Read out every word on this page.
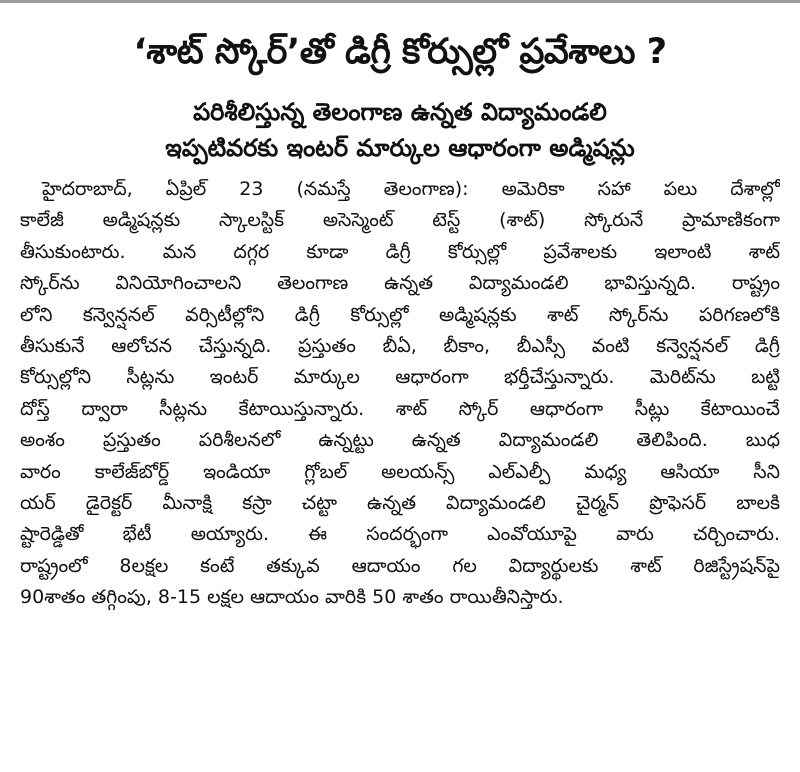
‘శాట్ స్కోర్’తో డిగ్రీ కోర్సుల్లో ప్రవేశాలు ?
పరిశీలిస్తున్న తెలంగాణ ఉన్నత విద్యామండలి
ఇప్పటివరకు ఇంటర్ మార్కుల ఆధారంగా అడ్మిషన్లు
హైదరాబాద్, ఏప్రిల్ 23 (నమస్తే తెలంగాణ): అమెరికా సహా పలు దేశాల్లో
కాలేజీ అడ్మిషన్లకు స్కాలస్టిక్ అసెస్మెంట్ టెస్ట్ (శాట్) స్కోరునే ప్రామాణికంగా
తీసుకుంటారు. మన దగ్గర కూడా డిగ్రీ కోర్సుల్లో ప్రవేశాలకు ఇలాంటి శాట్
స్కోర్‌ను వినియోగించాలని తెలంగాణ ఉన్నత విద్యామండలి భావిస్తున్నది. రాష్ట్రం
లోని కన్వెన్షనల్ వర్సిటీల్లోని డిగ్రీ కోర్సుల్లో అడ్మిషన్లకు శాట్ స్కోర్‌ను పరిగణలోకి
తీసుకునే ఆలోచన చేస్తున్నది. ప్రస్తుతం బీఏ, బీకాం, బీఎస్సీ వంటి కన్వెన్షనల్ డిగ్రీ
కోర్సుల్లోని సీట్లను ఇంటర్ మార్కుల ఆధారంగా భర్తీచేస్తున్నారు. మెరిట్‌ను బట్టి
దోస్త్ ద్వారా సీట్లను కేటాయిస్తున్నారు. శాట్ స్కోర్ ఆధారంగా సీట్లు కేటాయించే
అంశం ప్రస్తుతం పరిశీలనలో ఉన్నట్టు ఉన్నత విద్యామండలి తెలిపింది. బుధ
వారం కాలేజ్‌బోర్డ్ ఇండియా గ్లోబల్ అలయన్స్ ఎల్ఎల్పీ మధ్య ఆసియా సీని
యర్ డైరెక్టర్ మీనాక్షి కస్రా చట్టా ఉన్నత విద్యామండలి చైర్మన్ ప్రొఫెసర్ బాలకి
ష్టారెడ్డితో భేటీ అయ్యారు. ఈ సందర్భంగా ఎంవోయూపై వారు చర్చించారు.
రాష్ట్రంలో 8లక్షల కంటే తక్కువ ఆదాయం గల విద్యార్థులకు శాట్ రిజిస్ట్రేషన్‌పై
90శాతం తగ్గింపు, 8-15 లక్షల ఆదాయం వారికి 50 శాతం రాయితీనిస్తారు.
